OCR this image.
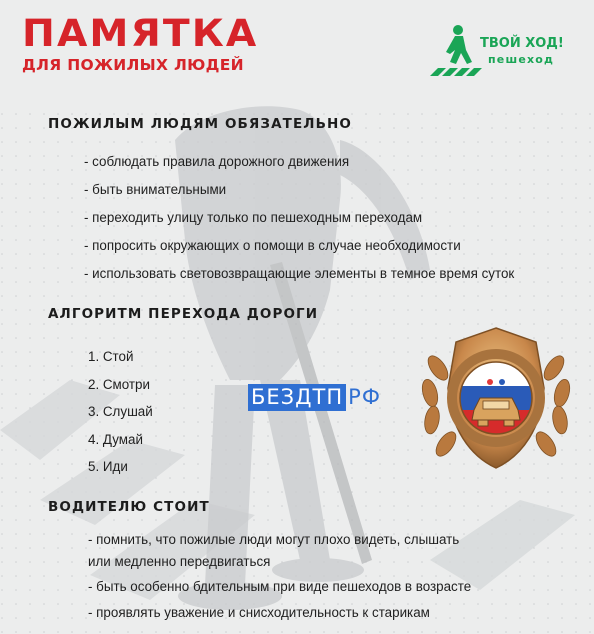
ПАМЯТКА
ДЛЯ ПОЖИЛЫХ ЛЮДЕЙ
ТВОЙ ХОД!
пешеход
ПОЖИЛЫМ ЛЮДЯМ ОБЯЗАТЕЛЬНО
- соблюдать правила дорожного движения
- быть внимательными
- переходить улицу только по пешеходным переходам
- попросить окружающих о помощи в случае необходимости
- использовать световозвращающие элементы в темное время суток
АЛГОРИТМ ПЕРЕХОДА ДОРОГИ
1. Стой
2. Смотри
3. Слушай
4. Думай
5. Иди
ВОДИТЕЛЮ СТОИТ
- помнить, что пожилые люди могут плохо видеть, слышать
или медленно передвигаться
- быть особенно бдительным при виде пешеходов в возрасте
- проявлять уважение и снисходительность к старикам
БЕЗДТП РФ
